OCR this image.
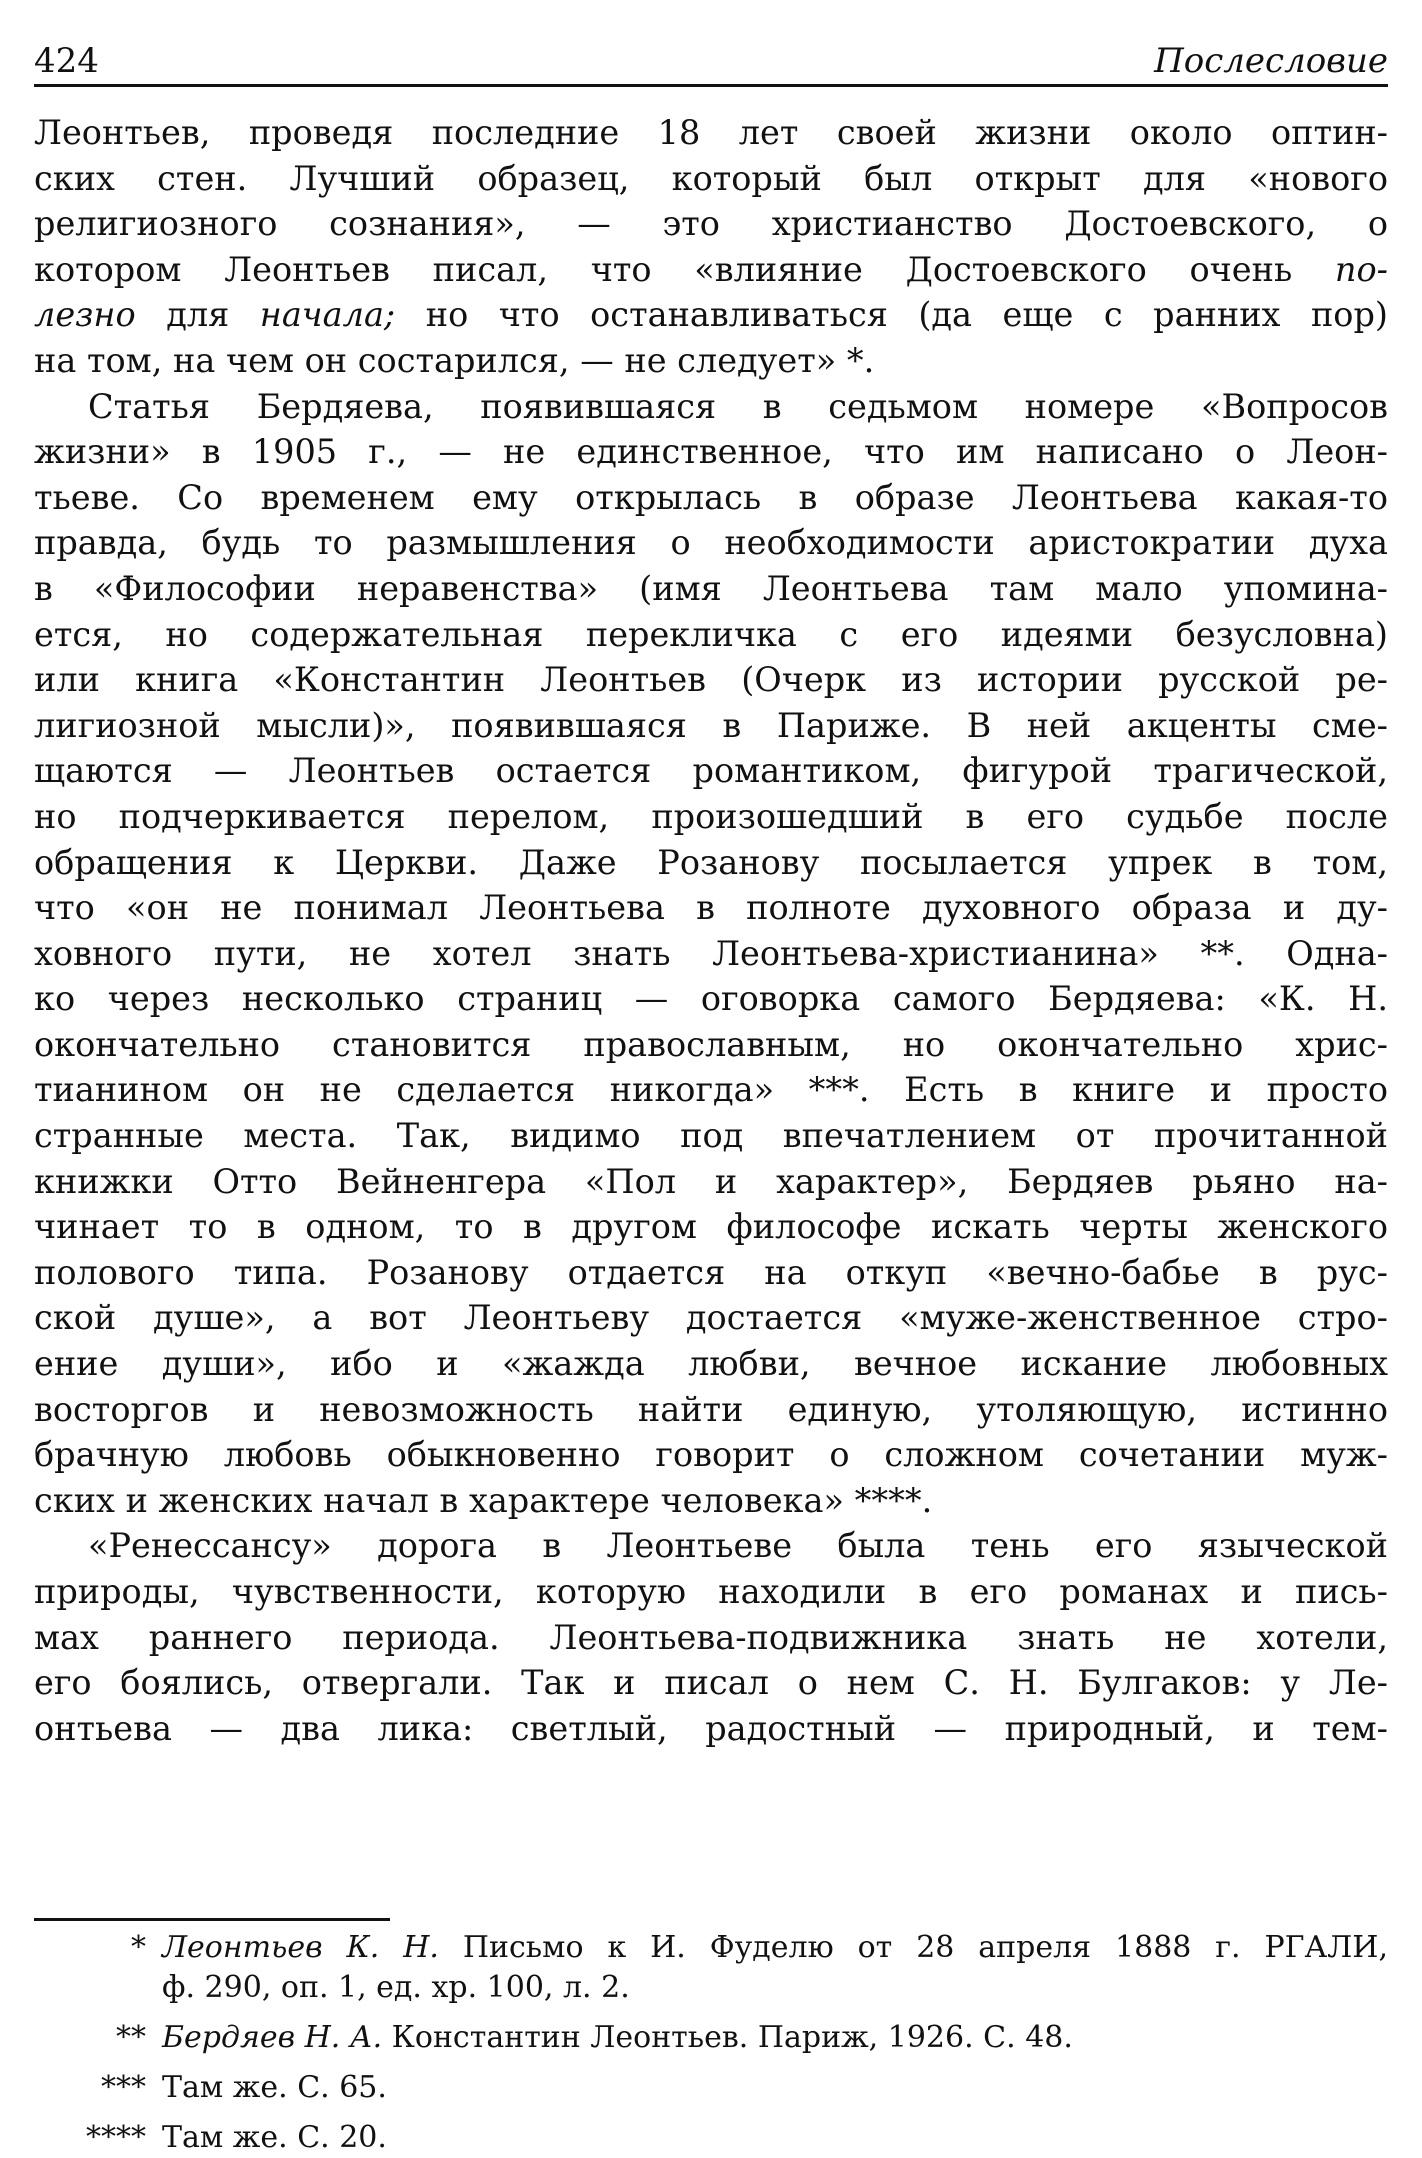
424	Послесловие
Леонтьев, проведя последние 18 лет своей жизни около оптин-
ских стен. Лучший образец, который был открыт для «нового
религиозного сознания», — это христианство Достоевского, о
котором Леонтьев писал, что «влияние Достоевского очень по-
лезно для начала; но что останавливаться (да еще с ранних пор)
на том, на чем он состарился, — не следует» *.
Статья Бердяева, появившаяся в седьмом номере «Вопросов
жизни» в 1905 г., — не единственное, что им написано о Леон-
тьеве. Со временем ему открылась в образе Леонтьева какая-то
правда, будь то размышления о необходимости аристократии духа
в «Философии неравенства» (имя Леонтьева там мало упомина-
ется, но содержательная перекличка с его идеями безусловна)
или книга «Константин Леонтьев (Очерк из истории русской ре-
лигиозной мысли)», появившаяся в Париже. В ней акценты сме-
щаются — Леонтьев остается романтиком, фигурой трагической,
но подчеркивается перелом, произошедший в его судьбе после
обращения к Церкви. Даже Розанову посылается упрек в том,
что «он не понимал Леонтьева в полноте духовного образа и ду-
ховного пути, не хотел знать Леонтьева-христианина» **. Одна-
ко через несколько страниц — оговорка самого Бердяева: «К. Н.
окончательно становится православным, но окончательно хрис-
тианином он не сделается никогда» ***. Есть в книге и просто
странные места. Так, видимо под впечатлением от прочитанной
книжки Отто Вейненгера «Пол и характер», Бердяев рьяно на-
чинает то в одном, то в другом философе искать черты женского
полового типа. Розанову отдается на откуп «вечно-бабье в рус-
ской душе», а вот Леонтьеву достается «муже-женственное стро-
ение души», ибо и «жажда любви, вечное искание любовных
восторгов и невозможность найти единую, утоляющую, истинно
брачную любовь обыкновенно говорит о сложном сочетании муж-
ских и женских начал в характере человека» ****.
«Ренессансу» дорога в Леонтьеве была тень его языческой
природы, чувственности, которую находили в его романах и пись-
мах раннего периода. Леонтьева-подвижника знать не хотели,
его боялись, отвергали. Так и писал о нем С. Н. Булгаков: у Ле-
онтьева — два лика: светлый, радостный — природный, и тем-
* Леонтьев К. Н. Письмо к И. Фуделю от 28 апреля 1888 г. РГАЛИ,
ф. 290, оп. 1, ед. хр. 100, л. 2.
** Бердяев Н. А. Константин Леонтьев. Париж, 1926. С. 48.
*** Там же. С. 65.
**** Там же. С. 20.
